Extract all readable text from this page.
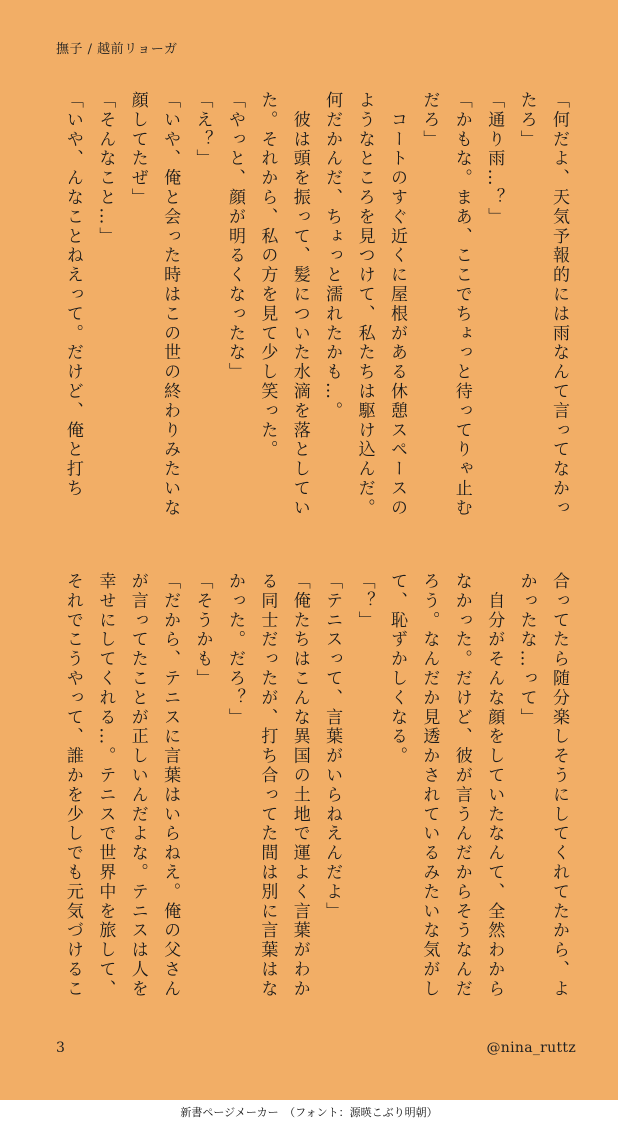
撫子 / 越前リョーガ
「何だよ、天気予報的には雨なんて言ってなかっ
たろ」
「通り雨…？」
「かもな。まあ、ここでちょっと待ってりゃ止む
だろ」
　コートのすぐ近くに屋根がある休憩スペースの
ようなところを見つけて、私たちは駆け込んだ。
何だかんだ、ちょっと濡れたかも…。
　彼は頭を振って、髪についた水滴を落としてい
た。それから、私の方を見て少し笑った。
「やっと、顔が明るくなったな」
「え？」
「いや、俺と会った時はこの世の終わりみたいな
顔してたぜ」
「そんなこと…」
「いや、んなことねえって。だけど、俺と打ち
合ってたら随分楽しそうにしてくれてたから、よ
かったな…って」
　自分がそんな顔をしていたなんて、全然わから
なかった。だけど、彼が言うんだからそうなんだ
ろう。なんだか見透かされているみたいな気がし
て、恥ずかしくなる。
「？」
「テニスって、言葉がいらねえんだよ」
「俺たちはこんな異国の土地で運よく言葉がわか
る同士だったが、打ち合ってた間は別に言葉はな
かった。だろ？」
「そうかも」
「だから、テニスに言葉はいらねえ。俺の父さん
が言ってたことが正しいんだよな。テニスは人を
幸せにしてくれる…。テニスで世界中を旅して、
それでこうやって、誰かを少しでも元気づけるこ
3	@nina_ruttz
新書ページメーカー　（フォント：源暎こぶり明朝）
